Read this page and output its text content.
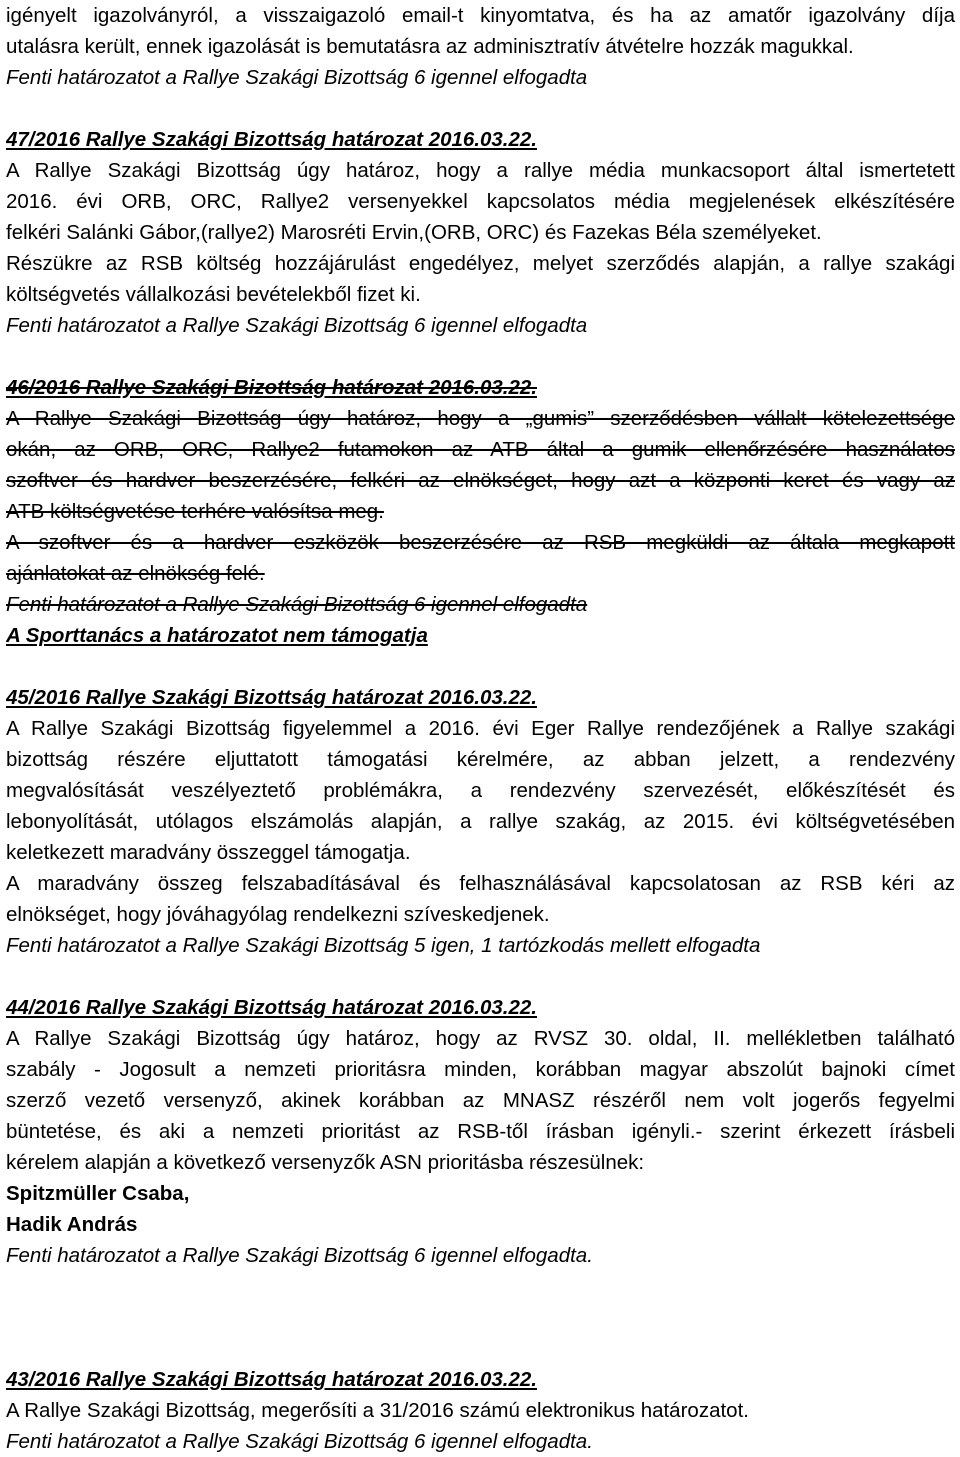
igényelt igazolványról, a visszaigazoló email-t kinyomtatva, és ha az amatőr igazolvány díja
utalásra került, ennek igazolását is bemutatásra az adminisztratív átvételre hozzák magukkal.
Fenti határozatot a Rallye Szakági Bizottság 6 igennel elfogadta
47/2016 Rallye Szakági Bizottság határozat 2016.03.22.
A Rallye Szakági Bizottság úgy határoz, hogy a rallye média munkacsoport által ismertetett
2016. évi ORB, ORC, Rallye2 versenyekkel kapcsolatos média megjelenések elkészítésére
felkéri Salánki Gábor,(rallye2) Marosréti Ervin,(ORB, ORC) és Fazekas Béla személyeket.
Részükre az RSB költség hozzájárulást engedélyez, melyet szerződés alapján, a rallye szakági
költségvetés vállalkozási bevételekből fizet ki.
Fenti határozatot a Rallye Szakági Bizottság 6 igennel elfogadta
46/2016 Rallye Szakági Bizottság határozat 2016.03.22.
A Rallye Szakági Bizottság úgy határoz, hogy a „gumis” szerződésben vállalt kötelezettsége
okán, az ORB, ORC, Rallye2 futamokon az ATB által a gumik ellenőrzésére használatos
szoftver és hardver beszerzésére, felkéri az elnökséget, hogy azt a központi keret és vagy az
ATB költségvetése terhére valósítsa meg.
A szoftver és a hardver eszközök beszerzésére az RSB megküldi az általa megkapott
ajánlatokat az elnökség felé.
Fenti határozatot a Rallye Szakági Bizottság 6 igennel elfogadta
A Sporttanács a határozatot nem támogatja
45/2016 Rallye Szakági Bizottság határozat 2016.03.22.
A Rallye Szakági Bizottság figyelemmel a 2016. évi Eger Rallye rendezőjének a Rallye szakági
bizottság részére eljuttatott támogatási kérelmére, az abban jelzett, a rendezvény
megvalósítását veszélyeztető problémákra, a rendezvény szervezését, előkészítését és
lebonyolítását, utólagos elszámolás alapján, a rallye szakág, az 2015. évi költségvetésében
keletkezett maradvány összeggel támogatja.
A maradvány összeg felszabadításával és felhasználásával kapcsolatosan az RSB kéri az
elnökséget, hogy jóváhagyólag rendelkezni szíveskedjenek.
Fenti határozatot a Rallye Szakági Bizottság 5 igen, 1 tartózkodás mellett elfogadta
44/2016 Rallye Szakági Bizottság határozat 2016.03.22.
A Rallye Szakági Bizottság úgy határoz, hogy az RVSZ 30. oldal, II. mellékletben található
szabály - Jogosult a nemzeti prioritásra minden, korábban magyar abszolút bajnoki címet
szerző vezető versenyző, akinek korábban az MNASZ részéről nem volt jogerős fegyelmi
büntetése, és aki a nemzeti prioritást az RSB-től írásban igényli.- szerint érkezett írásbeli
kérelem alapján a következő versenyzők ASN prioritásba részesülnek:
Spitzmüller Csaba,
Hadik András
Fenti határozatot a Rallye Szakági Bizottság 6 igennel elfogadta.
43/2016 Rallye Szakági Bizottság határozat 2016.03.22.
A Rallye Szakági Bizottság, megerősíti a 31/2016 számú elektronikus határozatot.
Fenti határozatot a Rallye Szakági Bizottság 6 igennel elfogadta.
